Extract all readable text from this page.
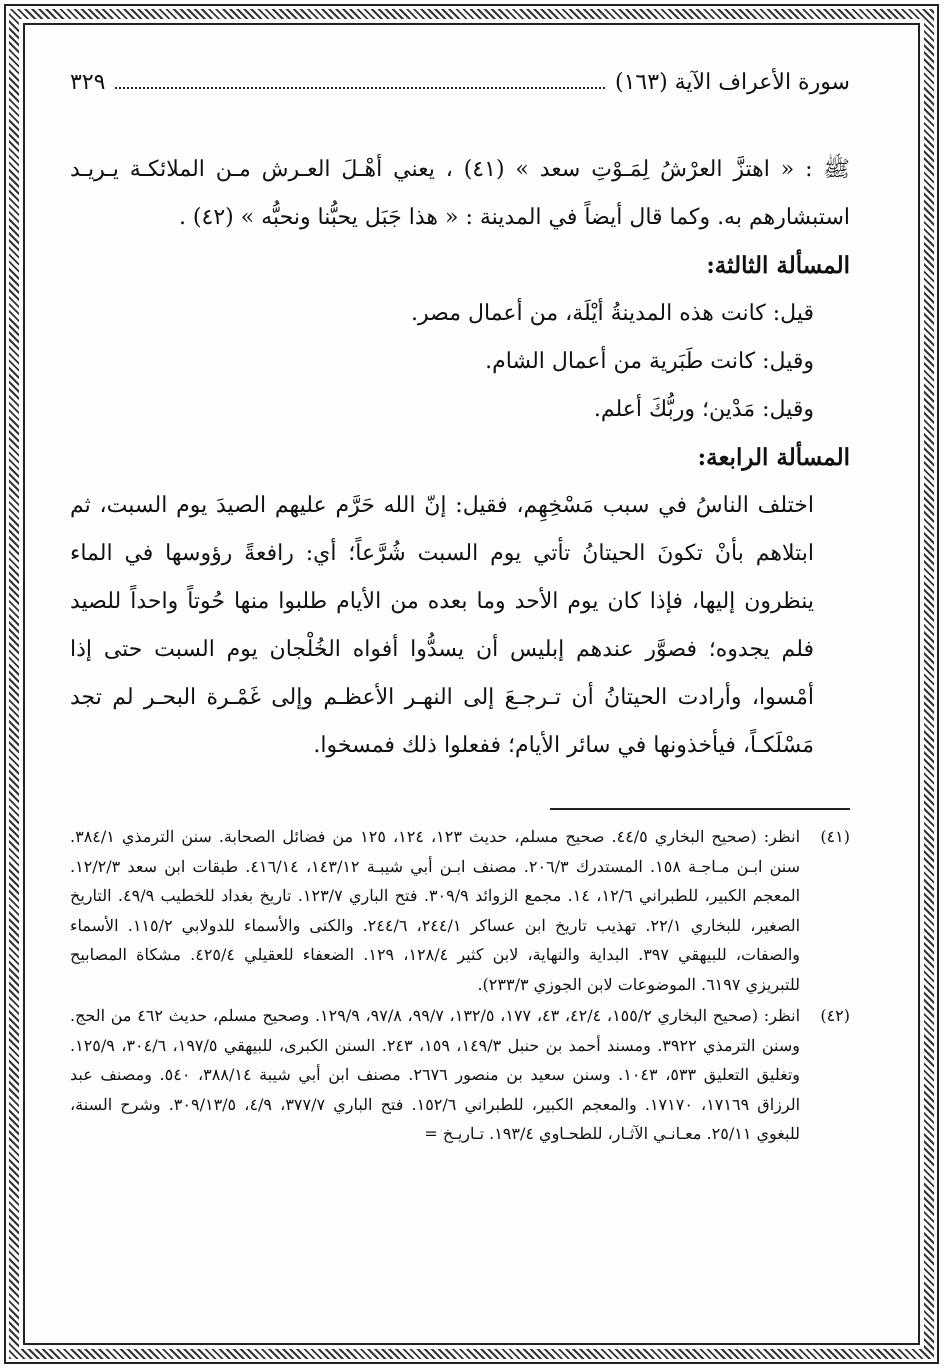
سورة الأعراف الآية (١٦٣)
٣٢٩

ﷺ : « اهتزَّ العرْشُ لِمَـوْتِ سعد » (٤١) ، يعني أهْـلَ العـرش مـن الملائكـة يـريـد استبشارهم به. وكما قال أيضاً في المدينة : « هذا جَبَل يحبُّنا ونحبُّه » (٤٢) .

المسألة الثالثة:

قيل: كانت هذه المدينةُ أيْلَة، من أعمال مصر.

وقيل: كانت طَبَرية من أعمال الشام.

وقيل: مَدْين؛ وربُّكَ أعلم.

المسألة الرابعة:

اختلف الناسُ في سبب مَسْخِهِم، فقيل: إنّ الله حَرَّم عليهم الصيدَ يوم السبت، ثم ابتلاهم بأنْ تكونَ الحيتانُ تأتي يوم السبت شُرَّعاً؛ أي: رافعةً رؤوسها في الماء ينظرون إليها، فإذا كان يوم الأحد وما بعده من الأيام طلبوا منها حُوتاً واحداً للصيد فلم يجدوه؛ فصوَّر عندهم إبليس أن يسدُّوا أفواه الخُلْجان يوم السبت حتى إذا أمْسوا، وأرادت الحيتانُ أن تـرجـعَ إلى النهـر الأعظـم وإلى غَمْـرة البحـر لم تجد مَسْلَكـاً، فيأخذونها في سائر الأيام؛ ففعلوا ذلك فمسخوا.

(٤١)
انظر: (صحيح البخاري ٤٤/٥. صحيح مسلم، حديث ١٢٣، ١٢٤، ١٢٥ من فضائل الصحابة. سنن الترمذي ٣٨٤/١. سنن ابـن مـاجـة ١٥٨. المستدرك ٢٠٦/٣. مصنف ابـن أبي شيبـة ١٤٣/١٢، ٤١٦/١٤. طبقات ابن سعد ١٢/٢/٣. المعجم الكبير، للطبراني ١٢/٦، ١٤. مجمع الزوائد ٣٠٩/٩. فتح الباري ١٢٣/٧. تاريخ بغداد للخطيب ٤٩/٩. التاريخ الصغير، للبخاري ٢٢/١. تهذيب تاريخ ابن عساكر ٢٤٤/١، ٢٤٤/٦. والكنى والأسماء للدولابي ١١٥/٢. الأسماء والصفات، للبيهقي ٣٩٧. البداية والنهاية، لابن كثير ١٢٨/٤، ١٢٩. الضعفاء للعقيلي ٤٢٥/٤. مشكاة المصابيح للتبريزي ٦١٩٧. الموضوعات لابن الجوزي ٢٣٣/٣).
(٤٢)
انظر: (صحيح البخاري ١٥٥/٢، ٤٢/٤، ٤٣، ١٧٧، ١٣٢/٥، ٩٩/٧، ٩٧/٨، ١٢٩/٩. وصحيح مسلم، حديث ٤٦٢ من الحج. وسنن الترمذي ٣٩٢٢. ومسند أحمد بن حنبل ١٤٩/٣، ١٥٩، ٢٤٣. السنن الكبرى، للبيهقي ١٩٧/٥، ٣٠٤/٦، ١٢٥/٩. وتغليق التعليق ٥٣٣، ١٠٤٣. وسنن سعيد بن منصور ٢٦٧٦. مصنف ابن أبي شيبة ٣٨٨/١٤، ٥٤٠. ومصنف عبد الرزاق ١٧١٦٩، ١٧١٧٠. والمعجم الكبير، للطبراني ١٥٢/٦. فتح الباري ٣٧٧/٧، ٤/٩، ٣٠٩/١٣/٥. وشرح السنة، للبغوي ٢٥/١١. معـانـي الآثـار، للطحـاوي ١٩٣/٤. تـاريـخ =
